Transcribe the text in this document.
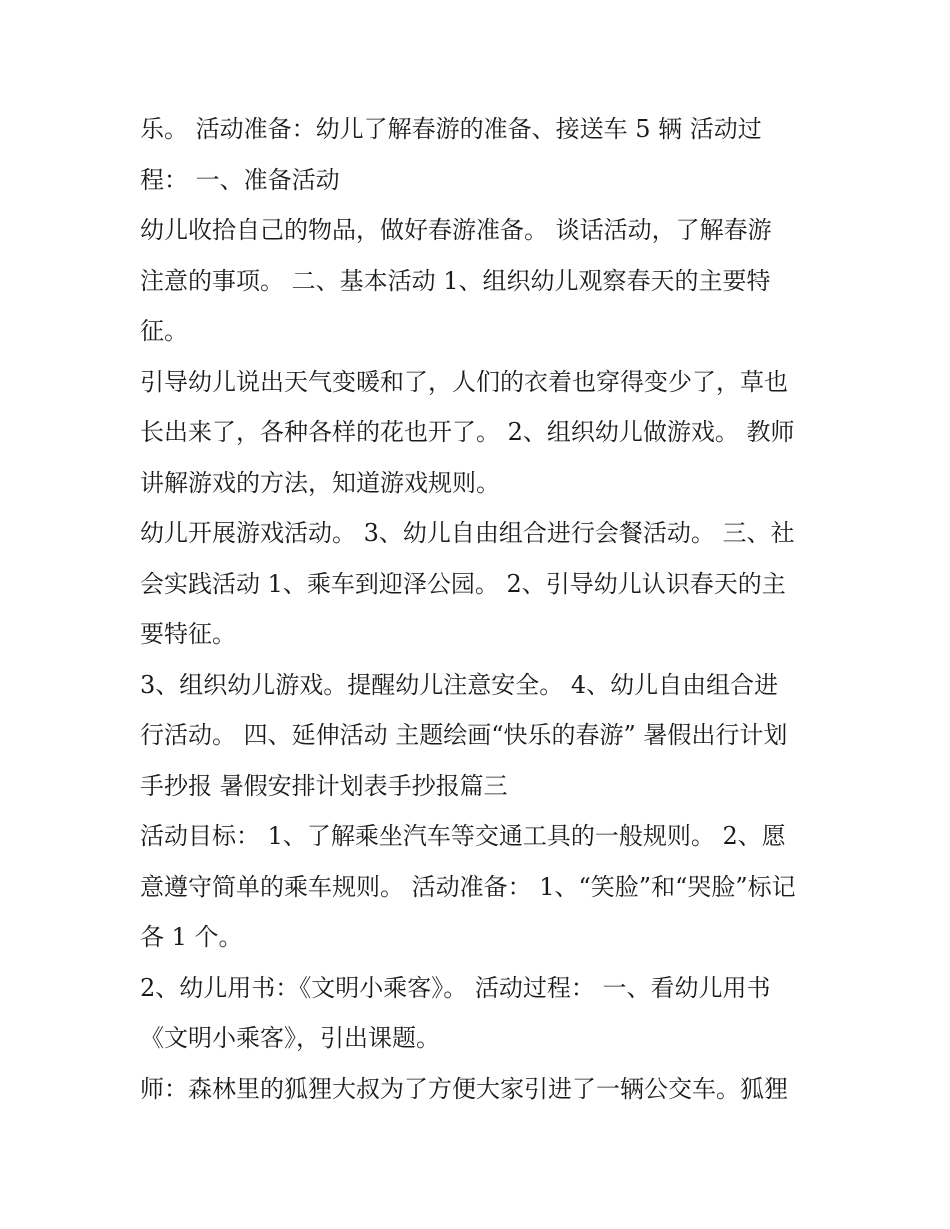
乐。 活动准备：幼儿了解春游的准备、接送车 5 辆 活动过
程： 一、准备活动
幼儿收拾自己的物品，做好春游准备。 谈话活动，了解春游
注意的事项。 二、基本活动 1、组织幼儿观察春天的主要特
征。
引导幼儿说出天气变暖和了，人们的衣着也穿得变少了，草也
长出来了，各种各样的花也开了。 2、组织幼儿做游戏。 教师
讲解游戏的方法，知道游戏规则。
幼儿开展游戏活动。 3、幼儿自由组合进行会餐活动。 三、社
会实践活动 1、乘车到迎泽公园。 2、引导幼儿认识春天的主
要特征。
3、组织幼儿游戏。提醒幼儿注意安全。 4、幼儿自由组合进
行活动。 四、延伸活动 主题绘画“快乐的春游” 暑假出行计划
手抄报 暑假安排计划表手抄报篇三
活动目标： 1、了解乘坐汽车等交通工具的一般规则。 2、愿
意遵守简单的乘车规则。 活动准备： 1、“笑脸”和“哭脸”标记
各 1 个。
2、幼儿用书：《文明小乘客》。 活动过程： 一、看幼儿用书
《文明小乘客》，引出课题。
师：森林里的狐狸大叔为了方便大家引进了一辆公交车。狐狸
